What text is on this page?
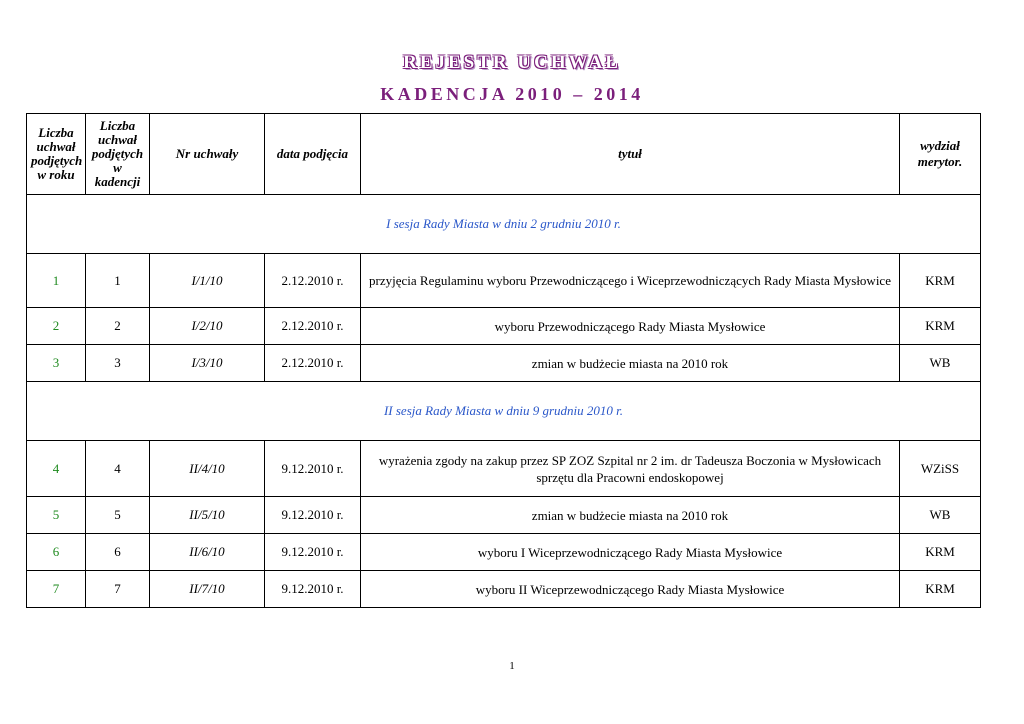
REJESTR UCHWAŁ
KADENCJA 2010 – 2014
Liczba uchwał podjętych w roku	Liczba uchwał podjętych w kadencji	Nr uchwały	data podjęcia	tytuł	wydział merytor.
I sesja Rady Miasta w dniu 2 grudniu 2010 r.					
1	1	I/1/10	2.12.2010 r.	przyjęcia Regulaminu wyboru Przewodniczącego i Wiceprzewodniczących Rady Miasta Mysłowice	KRM
2	2	I/2/10	2.12.2010 r.	wyboru Przewodniczącego Rady Miasta Mysłowice	KRM
3	3	I/3/10	2.12.2010 r.	zmian w budżecie miasta na 2010 rok	WB
II sesja Rady Miasta w dniu 9 grudniu 2010 r.					
4	4	II/4/10	9.12.2010 r.	wyrażenia zgody na zakup przez SP ZOZ Szpital nr 2 im. dr Tadeusza Boczonia w Mysłowicach sprzętu dla Pracowni endoskopowej	WZiSS
5	5	II/5/10	9.12.2010 r.	zmian w budżecie miasta na 2010 rok	WB
6	6	II/6/10	9.12.2010 r.	wyboru I Wiceprzewodniczącego Rady Miasta Mysłowice	KRM
7	7	II/7/10	9.12.2010 r.	wyboru II Wiceprzewodniczącego Rady Miasta Mysłowice	KRM
1
